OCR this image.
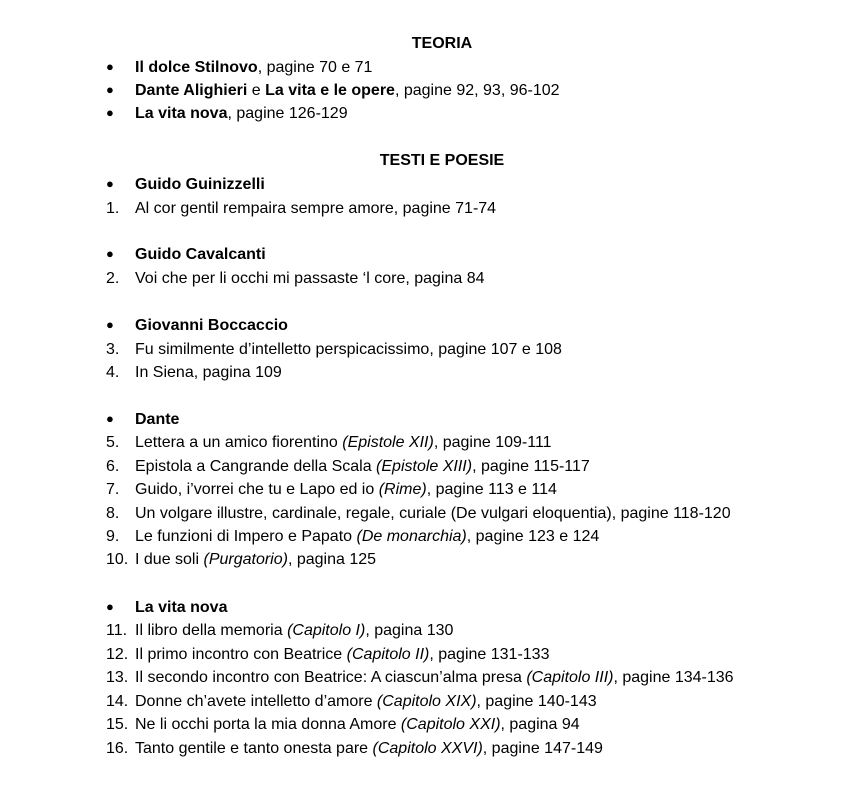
TEORIA
● Il dolce Stilnovo, pagine 70 e 71
● Dante Alighieri e La vita e le opere, pagine 92, 93, 96-102
● La vita nova, pagine 126-129
TESTI E POESIE
● Guido Guinizzelli
1. Al cor gentil rempaira sempre amore, pagine 71-74
● Guido Cavalcanti
2. Voi che per li occhi mi passaste ‘l core, pagina 84
● Giovanni Boccaccio
3. Fu similmente d’intelletto perspicacissimo, pagine 107 e 108
4. In Siena, pagina 109
● Dante
5. Lettera a un amico fiorentino (Epistole XII), pagine 109-111
6. Epistola a Cangrande della Scala (Epistole XIII), pagine 115-117
7. Guido, i’vorrei che tu e Lapo ed io (Rime), pagine 113 e 114
8. Un volgare illustre, cardinale, regale, curiale (De vulgari eloquentia), pagine 118-120
9. Le funzioni di Impero e Papato (De monarchia), pagine 123 e 124
10. I due soli (Purgatorio), pagina 125
● La vita nova
11. Il libro della memoria (Capitolo I), pagina 130
12. Il primo incontro con Beatrice (Capitolo II), pagine 131-133
13. Il secondo incontro con Beatrice: A ciascun’alma presa (Capitolo III), pagine 134-136
14. Donne ch’avete intelletto d’amore (Capitolo XIX), pagine 140-143
15. Ne li occhi porta la mia donna Amore (Capitolo XXI), pagina 94
16. Tanto gentile e tanto onesta pare (Capitolo XXVI), pagine 147-149
